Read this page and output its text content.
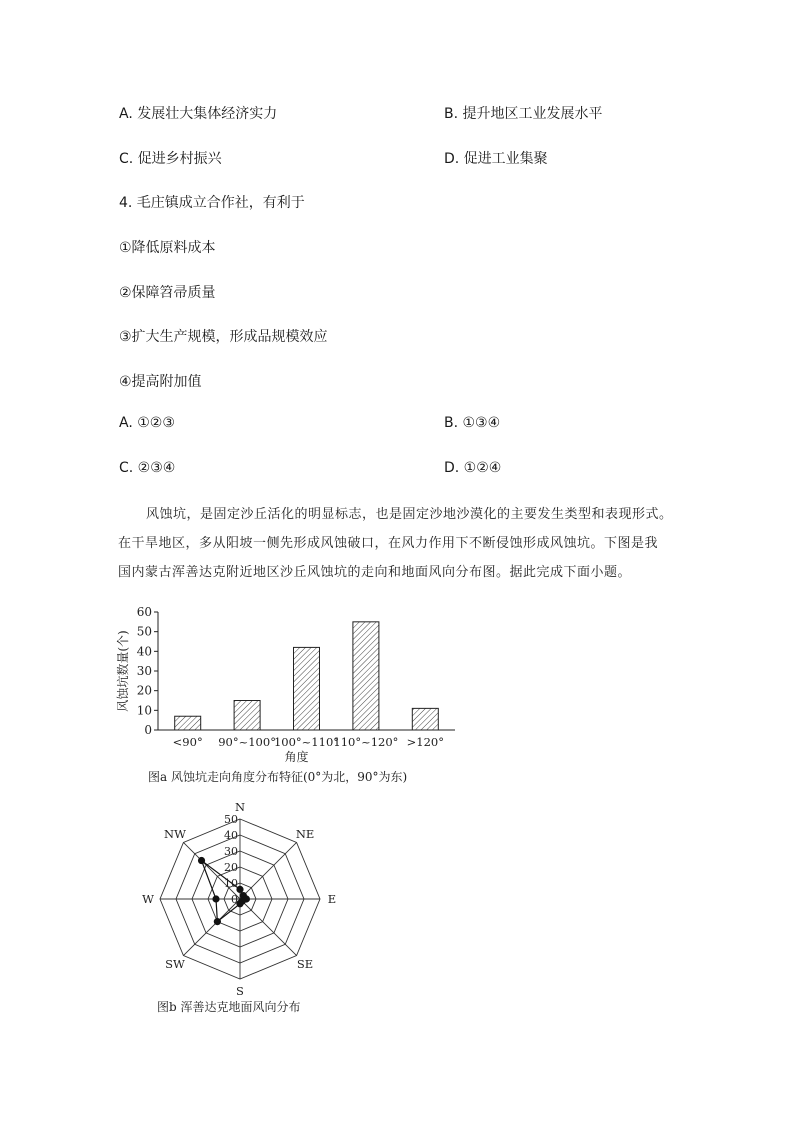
A. 发展壮大集体经济实力	B. 提升地区工业发展水平
C. 促进乡村振兴	D. 促进工业集聚
4. 毛庄镇成立合作社，有利于
①降低原料成本
②保障笤帚质量
③扩大生产规模，形成品规模效应
④提高附加值
A. ①②③	B. ①③④
C. ②③④	D. ①②④

风蚀坑，是固定沙丘活化的明显标志，也是固定沙地沙漠化的主要发生类型和表现形式。

在干旱地区，多从阳坡一侧先形成风蚀破口，在风力作用下不断侵蚀形成风蚀坑。下图是我

国内蒙古浑善达克附近地区沙丘风蚀坑的走向和地面风向分布图。据此完成下面小题。

0
10
20
30
40
50
60
<90° 90°~100°
100°~110°
110°~120° >120°
角度
风蚀坑数量(个)
图a 风蚀坑走向角度分布特征(0°为北，90°为东)
0
10
20
30
40
50
N
NE
E
SE
S
SW
W
NW
图b 浑善达克地面风向分布
